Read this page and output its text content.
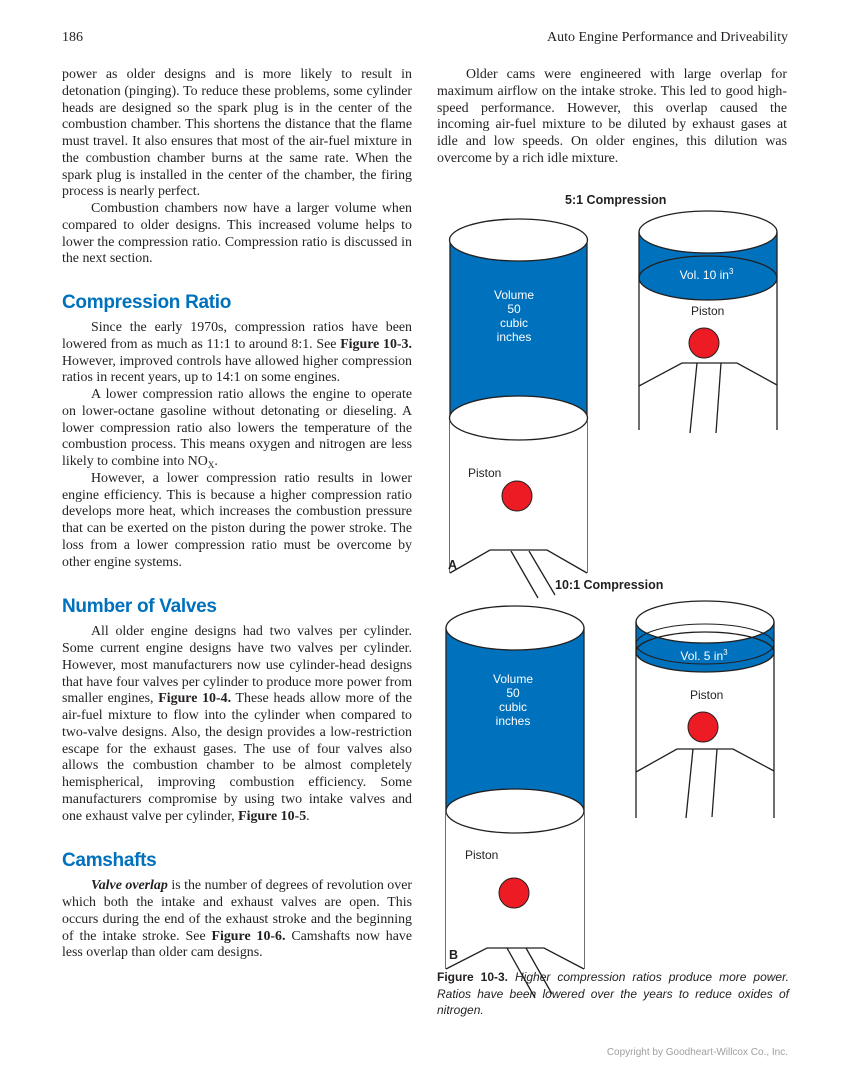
186	Auto Engine Performance and Driveability

power as older designs and is more likely to result in detonation (pinging). To reduce these problems, some cylinder heads are designed so the spark plug is in the center of the combustion chamber. This shortens the distance that the flame must travel. It also ensures that most of the air-fuel mixture in the combustion chamber burns at the same rate. When the spark plug is installed in the center of the chamber, the firing process is nearly perfect.

Combustion chambers now have a larger volume when compared to older designs. This increased volume helps to lower the compression ratio. Compression ratio is discussed in the next section.

Compression Ratio

Since the early 1970s, compression ratios have been lowered from as much as 11:1 to around 8:1. See Figure 10-3. However, improved controls have allowed higher compression ratios in recent years, up to 14:1 on some engines.

A lower compression ratio allows the engine to operate on lower-octane gasoline without detonating or dieseling. A lower compression ratio also lowers the temperature of the combustion process. This means oxygen and nitrogen are less likely to combine into $NO_X$.

However, a lower compression ratio results in lower engine efficiency. This is because a higher compression ratio develops more heat, which increases the combustion pressure that can be exerted on the piston during the power stroke. The loss from a lower compression ratio must be overcome by other engine systems.

Number of Valves

All older engine designs had two valves per cylinder. Some current engine designs have two valves per cylinder. However, most manufacturers now use cylinder-head designs that have four valves per cylinder to produce more power from smaller engines, Figure 10-4. These heads allow more of the air-fuel mixture to flow into the cylinder when compared to two-valve designs. Also, the design provides a low-restriction escape for the exhaust gases. The use of four valves also allows the combustion chamber to be almost completely hemispherical, improving combustion efficiency. Some manufacturers compromise by using two intake valves and one exhaust valve per cylinder, Figure 10-5.

Camshafts

Valve overlap is the number of degrees of revolution over which both the intake and exhaust valves are open. This occurs during the end of the exhaust stroke and the beginning of the intake stroke. See Figure 10-6. Camshafts now have less overlap than older cam designs.

Older cams were engineered with large overlap for maximum airflow on the intake stroke. This led to good high-speed performance. However, this overlap caused the incoming air-fuel mixture to be diluted by exhaust gases at idle and low speeds. On older engines, this dilution was overcome by a rich idle mixture.

5:1 Compression
Volume
50
cubic
inches
Piston
Vol. 10 $in^3$
Piston
A
10:1 Compression
Volume
50
cubic
inches
Piston
Vol. 5 $in^3$
Piston
B
Figure 10-3. Higher compression ratios produce more power. Ratios have been lowered over the years to reduce oxides of nitrogen.
Copyright by Goodheart-Willcox Co., Inc.
